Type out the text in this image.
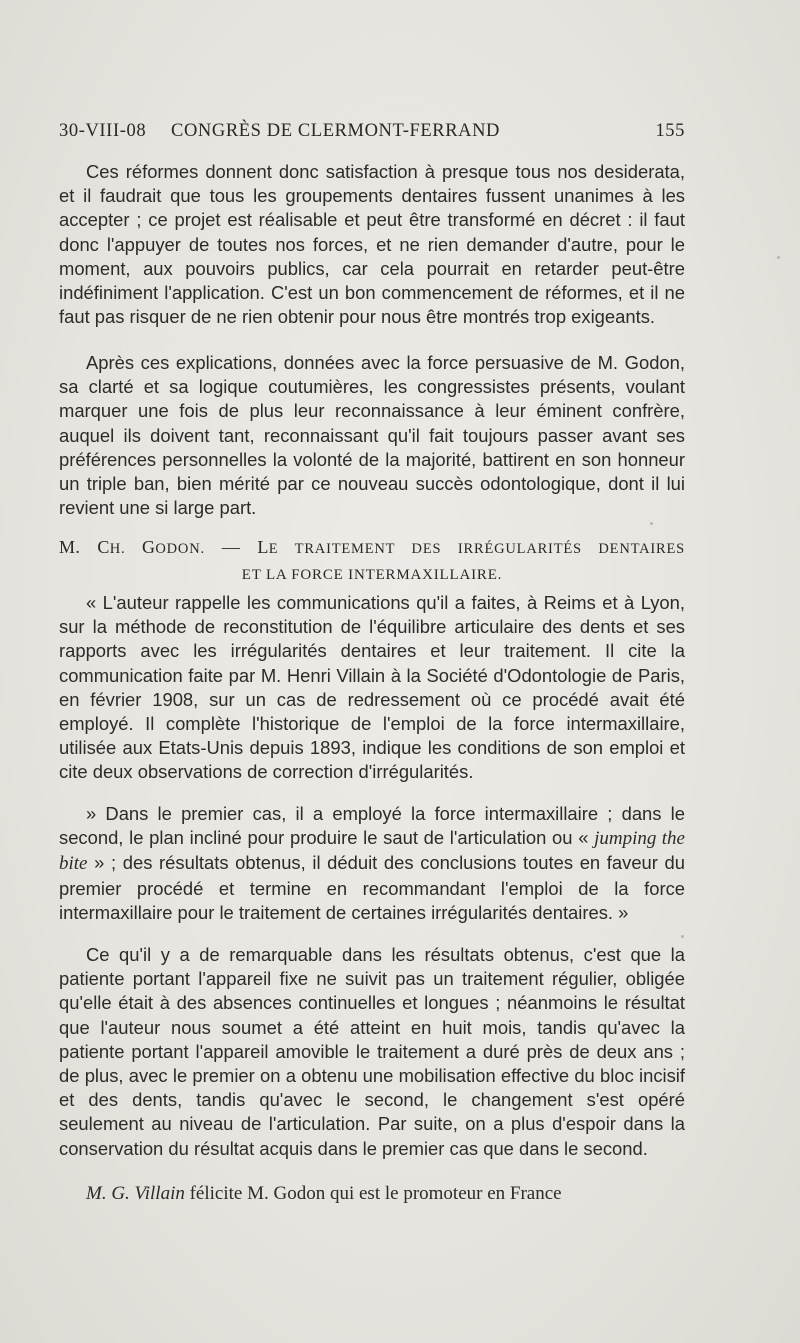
30-VIII-08 CONGRÈS DE CLERMONT-FERRAND	155

Ces réformes donnent donc satisfaction à presque tous nos desiderata, et il faudrait que tous les groupements dentaires fussent unanimes à les accepter ; ce projet est réalisable et peut être transformé en décret : il faut donc l'appuyer de toutes nos forces, et ne rien demander d'autre, pour le moment, aux pouvoirs publics, car cela pourrait en retarder peut-être indéfiniment l'application. C'est un bon commencement de réformes, et il ne faut pas risquer de ne rien obtenir pour nous être montrés trop exigeants.

Après ces explications, données avec la force persuasive de M. Godon, sa clarté et sa logique coutumières, les congressistes présents, voulant marquer une fois de plus leur reconnaissance à leur éminent confrère, auquel ils doivent tant, reconnaissant qu'il fait toujours passer avant ses préférences personnelles la volonté de la majorité, battirent en son honneur un triple ban, bien mérité par ce nouveau succès odontologique, dont il lui revient une si large part.

M. CH. GODON. — LE TRAITEMENT DES IRRÉGULARITÉS DENTAIRES
ET LA FORCE INTERMAXILLAIRE.

« L'auteur rappelle les communications qu'il a faites, à Reims et à Lyon, sur la méthode de reconstitution de l'équilibre articulaire des dents et ses rapports avec les irrégularités dentaires et leur traitement. Il cite la communication faite par M. Henri Villain à la Société d'Odontologie de Paris, en février 1908, sur un cas de redressement où ce procédé avait été employé. Il complète l'historique de l'emploi de la force intermaxillaire, utilisée aux Etats-Unis depuis 1893, indique les conditions de son emploi et cite deux observations de correction d'irrégularités.

» Dans le premier cas, il a employé la force intermaxillaire ; dans le second, le plan incliné pour produire le saut de l'articulation ou « jumping the bite » ; des résultats obtenus, il déduit des conclusions toutes en faveur du premier procédé et termine en recommandant l'emploi de la force intermaxillaire pour le traitement de certaines irrégularités dentaires. »

Ce qu'il y a de remarquable dans les résultats obtenus, c'est que la patiente portant l'appareil fixe ne suivit pas un traitement régulier, obligée qu'elle était à des absences continuelles et longues ; néanmoins le résultat que l'auteur nous soumet a été atteint en huit mois, tandis qu'avec la patiente portant l'appareil amovible le traitement a duré près de deux ans ; de plus, avec le premier on a obtenu une mobilisation effective du bloc incisif et des dents, tandis qu'avec le second, le changement s'est opéré seulement au niveau de l'articulation. Par suite, on a plus d'espoir dans la conservation du résultat acquis dans le premier cas que dans le second.

M. G. Villain félicite M. Godon qui est le promoteur en France
